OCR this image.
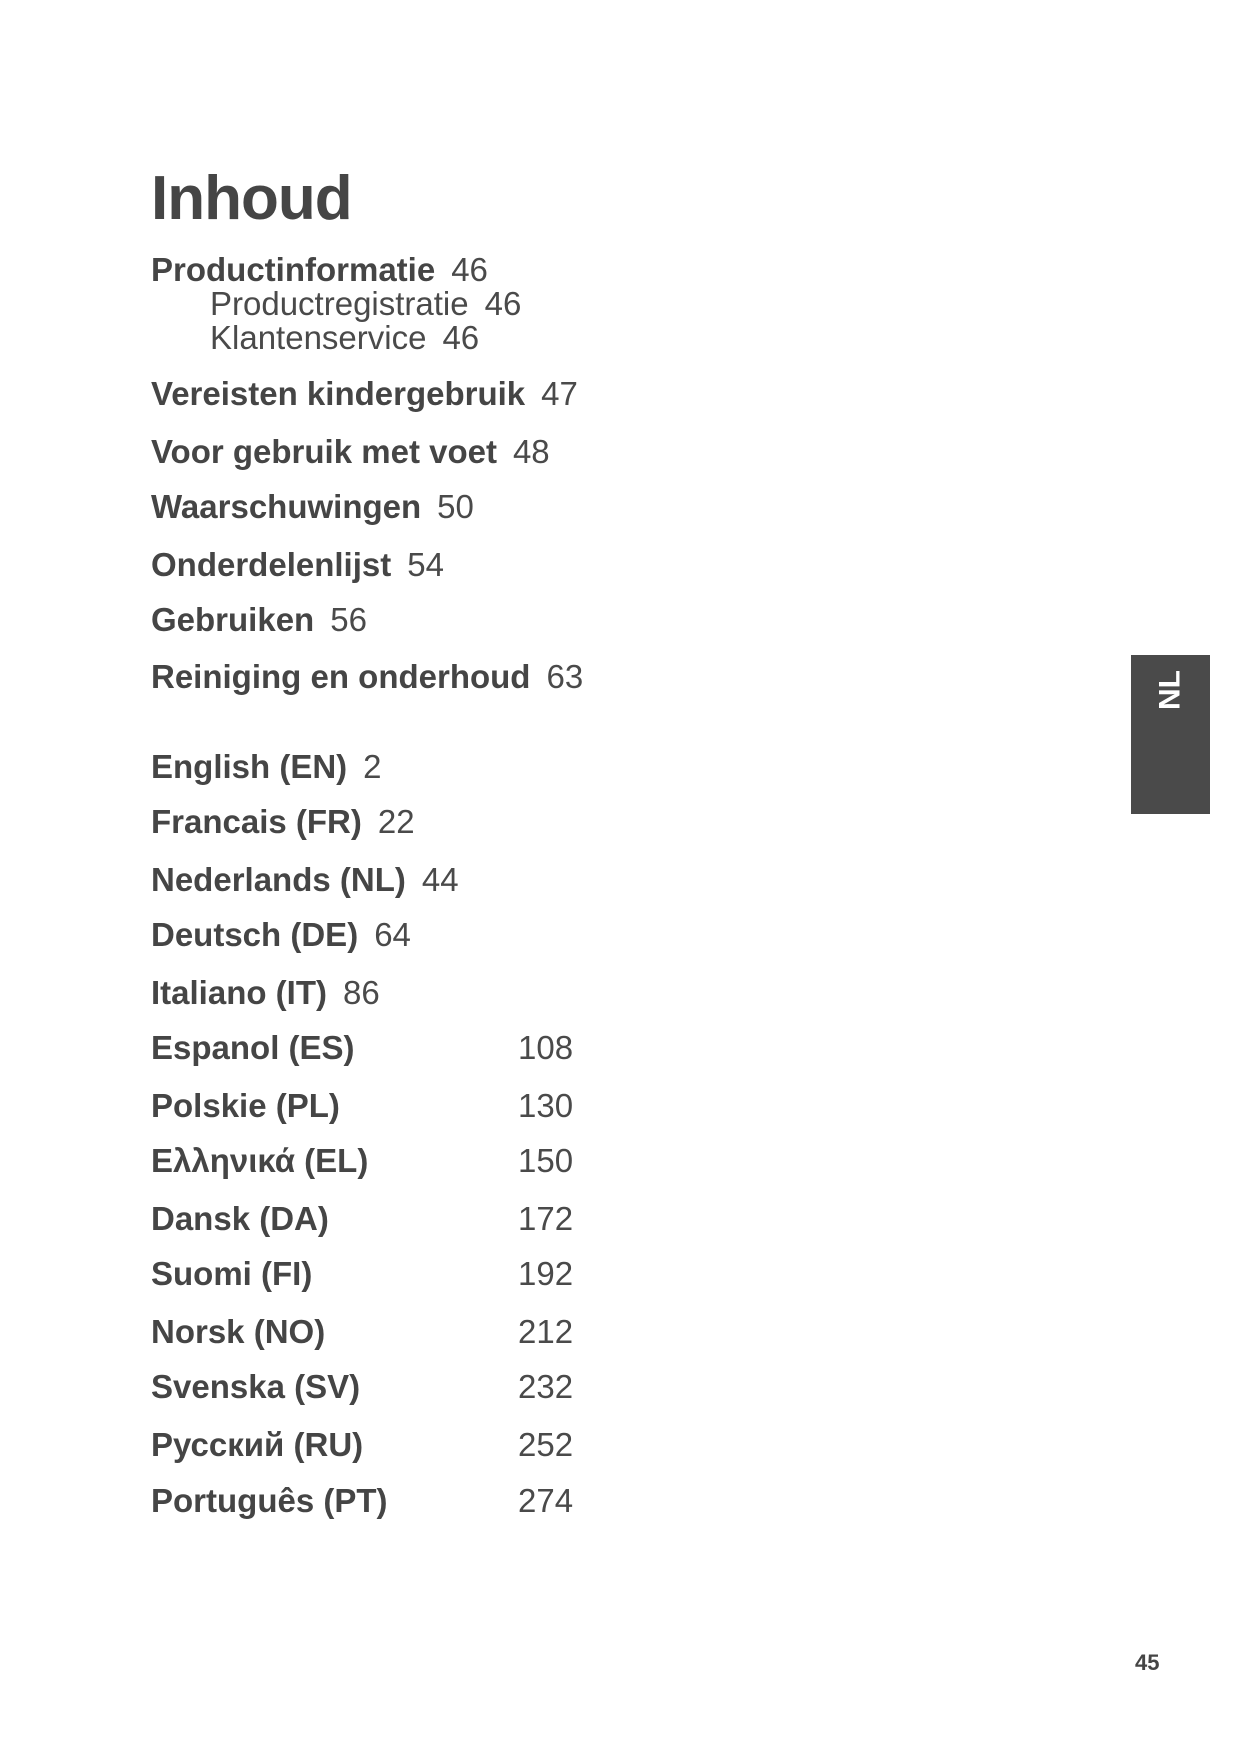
Inhoud
Productinformatie 46
Productregistratie 46
Klantenservice 46
Vereisten kindergebruik 47
Voor gebruik met voet 48
Waarschuwingen 50
Onderdelenlijst 54
Gebruiken 56
Reiniging en onderhoud 63
English (EN) 2
Francais (FR) 22
Nederlands (NL) 44
Deutsch (DE) 64
Italiano (IT) 86
Espanol (ES)	108
Polskie (PL)	130
Ελληνικά (EL)	150
Dansk (DA)	172
Suomi (FI)	192
Norsk (NO)	212
Svenska (SV)	232
Русский (RU)	252
Português (PT)	274
NL
45
